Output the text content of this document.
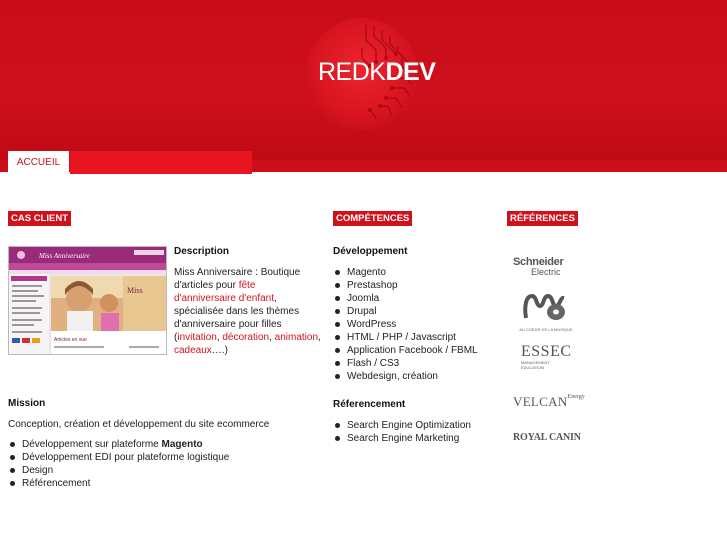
REDKDEV
ACCUEIL
CAS CLIENT
Miss
Articles en vue
Miss Anniversaire	Description
Miss Anniversaire : Boutique
d'articles pour fête
d'anniversaire d'enfant,
spécialisée dans les thèmes
d'anniversaire pour filles
(invitation, décoration, animation,
cadeaux….)
Mission
Conception, création et développement du site ecommerce
Développement sur plateforme Magento
Développement EDI pour plateforme logistique
Design
Référencement
COMPÉTENCES
Développement
Magento
Prestashop
Joomla
Drupal
WordPress
HTML / PHP / Javascript
Application Facebook / FBML
Flash / CS3
Webdesign, création
Réferencement
Search Engine Optimization
Search Engine Marketing
RÉFÉRENCES
Schneider
Electric
AU COEUR DE LA MUSIQUE
ESSEC
MANAGEMENT EDUCATION
$VELCAN^{Energy}$
ROYAL CANIN
